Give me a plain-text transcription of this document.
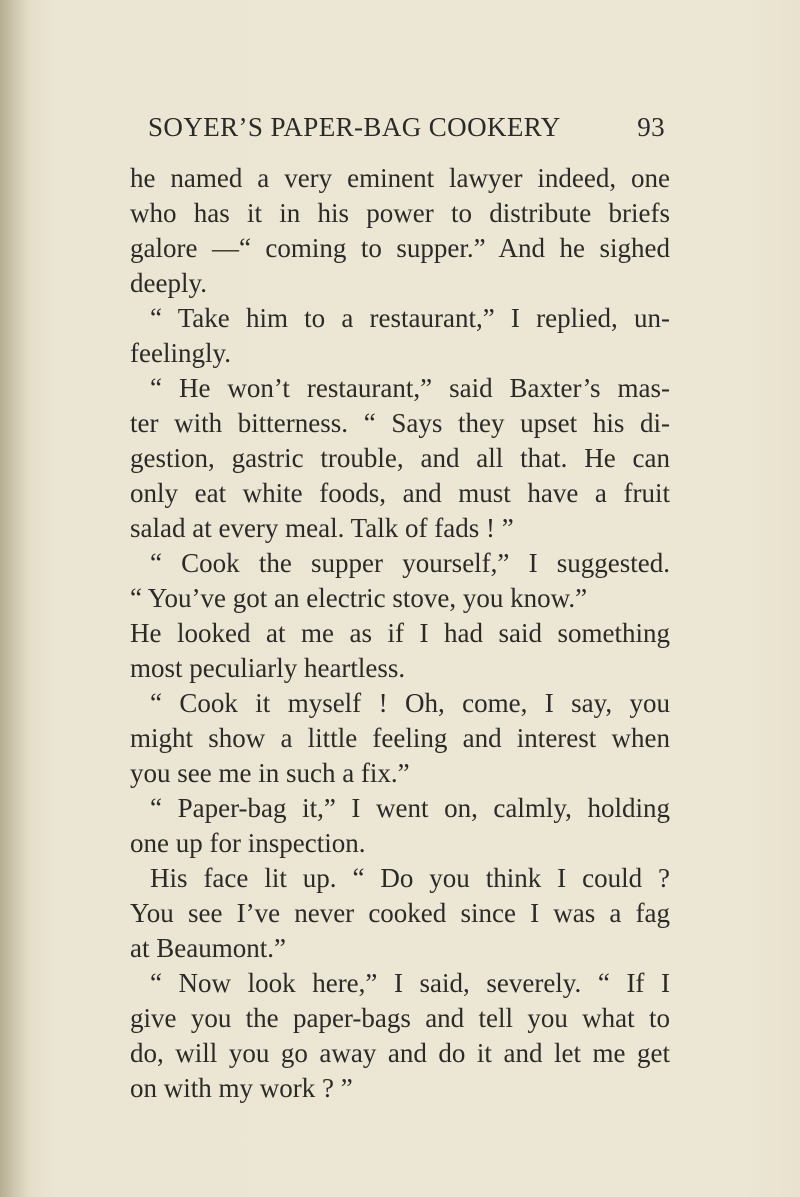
SOYER’S PAPER-BAG COOKERY	93
he named a very eminent lawyer indeed, one
who has it in his power to distribute briefs
galore —“ coming to supper.” And he sighed
deeply.
“ Take him to a restaurant,” I replied, un-
feelingly.
“ He won’t restaurant,” said Baxter’s mas-
ter with bitterness. “ Says they upset his di-
gestion, gastric trouble, and all that. He can
only eat white foods, and must have a fruit
salad at every meal. Talk of fads ! ”
“ Cook the supper yourself,” I suggested.
“ You’ve got an electric stove, you know.”
He looked at me as if I had said something
most peculiarly heartless.
“ Cook it myself ! Oh, come, I say, you
might show a little feeling and interest when
you see me in such a fix.”
“ Paper-bag it,” I went on, calmly, holding
one up for inspection.
His face lit up. “ Do you think I could ?
You see I’ve never cooked since I was a fag
at Beaumont.”
“ Now look here,” I said, severely. “ If I
give you the paper-bags and tell you what to
do, will you go away and do it and let me get
on with my work ? ”
